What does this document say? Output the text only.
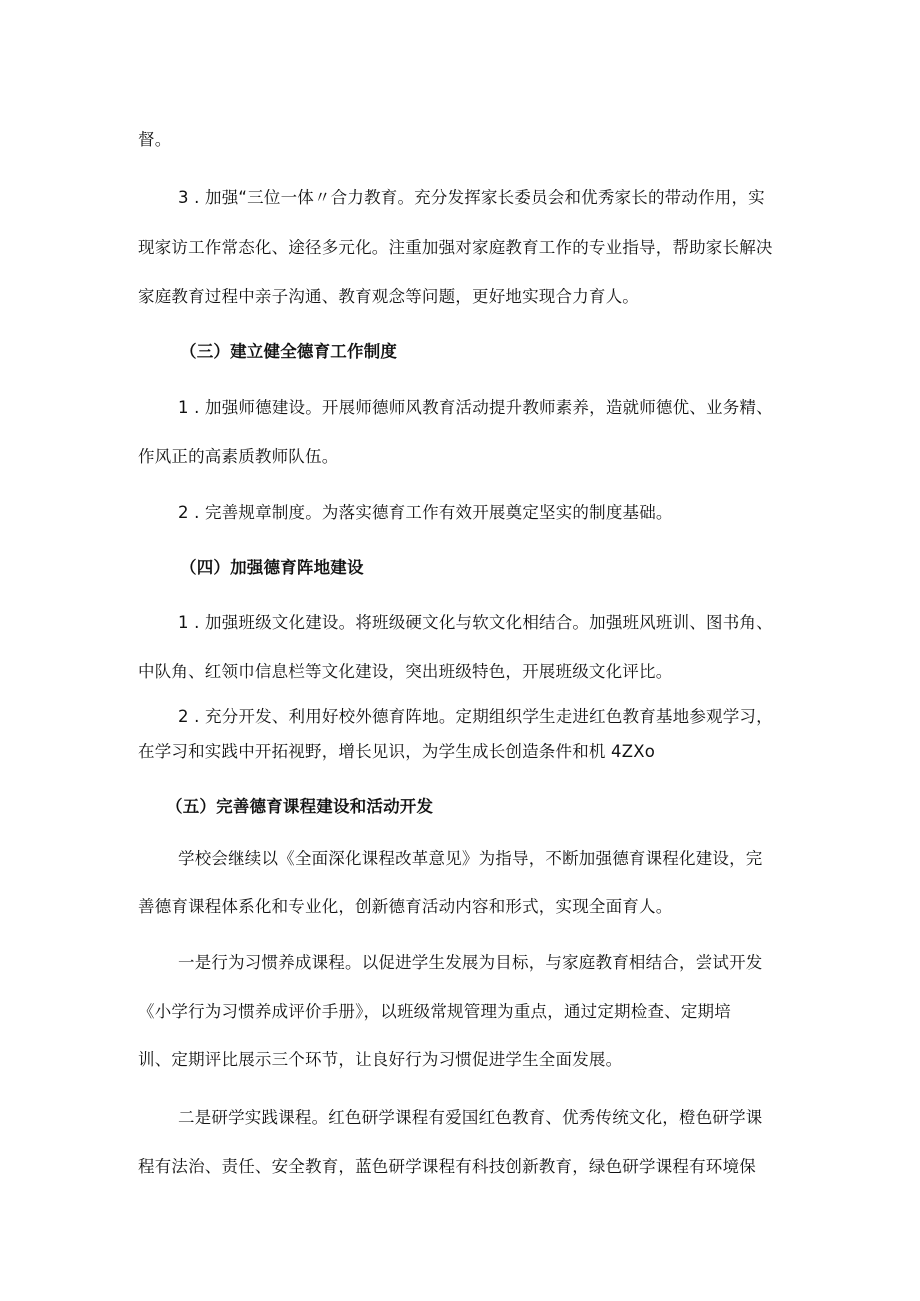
督。
3 . 加强“三位一体〃合力教育。充分发挥家长委员会和优秀家长的带动作用，实
现家访工作常态化、途径多元化。注重加强对家庭教育工作的专业指导，帮助家长解决
家庭教育过程中亲子沟通、教育观念等问题，更好地实现合力育人。
（三）建立健全德育工作制度
1 . 加强师德建设。开展师德师风教育活动提升教师素养，造就师德优、业务精、
作风正的高素质教师队伍。
2 . 完善规章制度。为落实德育工作有效开展奠定坚实的制度基础。
（四）加强德育阵地建设
1 . 加强班级文化建设。将班级硬文化与软文化相结合。加强班风班训、图书角、
中队角、红领巾信息栏等文化建设，突出班级特色，开展班级文化评比。
2 . 充分开发、利用好校外德育阵地。定期组织学生走进红色教育基地参观学习，
在学习和实践中开拓视野，增长见识，为学生成长创造条件和机 4ZXo
（五）完善德育课程建设和活动开发
学校会继续以《全面深化课程改革意见》为指导，不断加强德育课程化建设，完
善德育课程体系化和专业化，创新德育活动内容和形式，实现全面育人。
一是行为习惯养成课程。以促进学生发展为目标，与家庭教育相结合，尝试开发
《小学行为习惯养成评价手册》，以班级常规管理为重点，通过定期检查、定期培
训、定期评比展示三个环节，让良好行为习惯促进学生全面发展。
二是研学实践课程。红色研学课程有爱国红色教育、优秀传统文化，橙色研学课
程有法治、责任、安全教育，蓝色研学课程有科技创新教育，绿色研学课程有环境保
